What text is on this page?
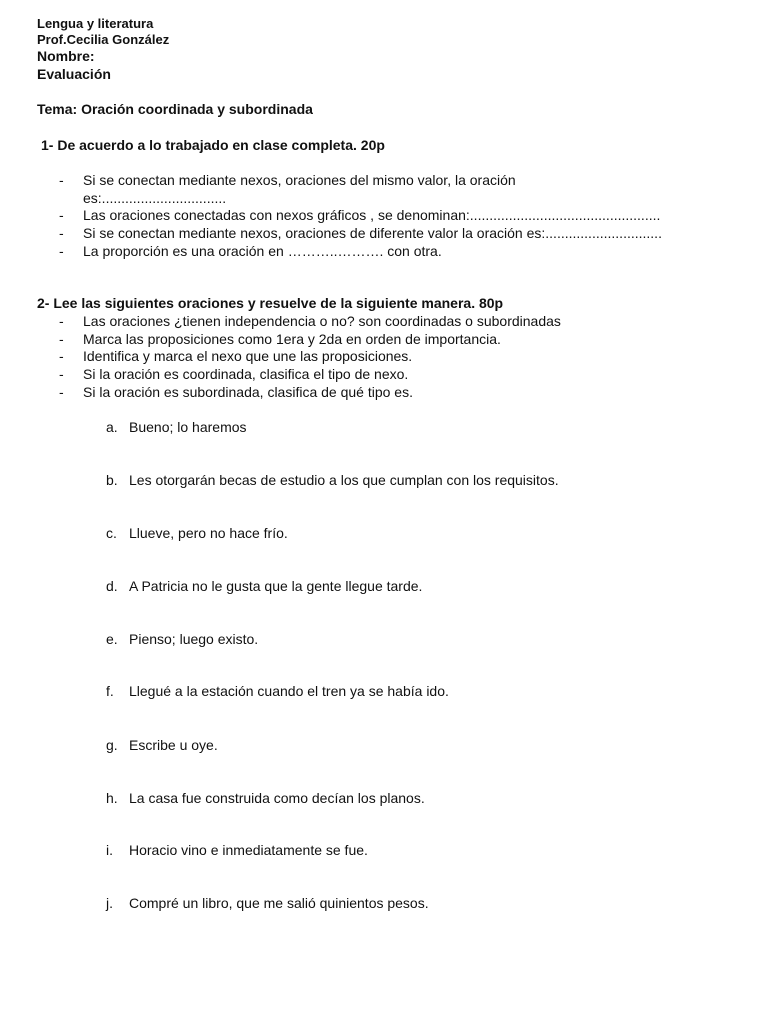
Lengua y literatura
Prof.Cecilia González
Nombre:
Evaluación
Tema: Oración coordinada y subordinada
1- De acuerdo a lo trabajado en clase completa. 20p
- Si se conectan mediante nexos, oraciones del mismo valor, la oración
es:................................
- Las oraciones conectadas con nexos gráficos , se denominan:.................................................
- Si se conectan mediante nexos, oraciones de diferente valor la oración es:..............................
- La proporción es una oración en ………..………. con otra.
2- Lee las siguientes oraciones y resuelve de la siguiente manera. 80p
- Las oraciones ¿tienen independencia o no? son coordinadas o subordinadas
- Marca las proposiciones como 1era y 2da en orden de importancia.
- Identifica y marca el nexo que une las proposiciones.
- Si la oración es coordinada, clasifica el tipo de nexo.
- Si la oración es subordinada, clasifica de qué tipo es.
a. Bueno; lo haremos
b. Les otorgarán becas de estudio a los que cumplan con los requisitos.
c. Llueve, pero no hace frío.
d. A Patricia no le gusta que la gente llegue tarde.
e. Pienso; luego existo.
f. Llegué a la estación cuando el tren ya se había ido.
g. Escribe u oye.
h. La casa fue construida como decían los planos.
i. Horacio vino e inmediatamente se fue.
j. Compré un libro, que me salió quinientos pesos.
